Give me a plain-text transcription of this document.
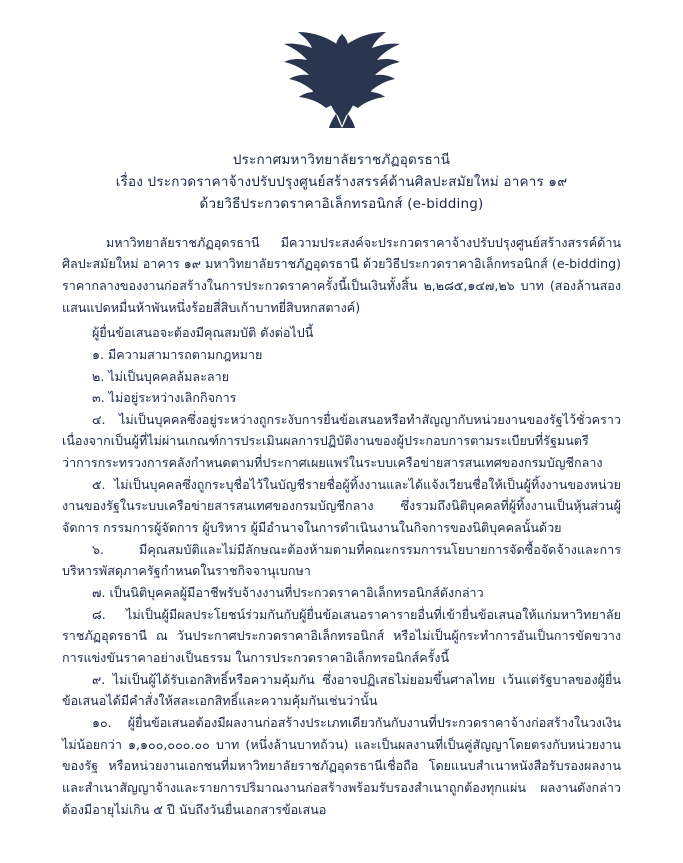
ประกาศมหาวิทยาลัยราชภัฏอุดรธานี
เรื่อง ประกวดราคาจ้างปรับปรุงศูนย์สร้างสรรค์ด้านศิลปะสมัยใหม่ อาคาร ๑๙
ด้วยวิธีประกวดราคาอิเล็กทรอนิกส์ (e-bidding)

มหาวิทยาลัยราชภัฏอุดรธานี มีความประสงค์จะประกวดราคาจ้างปรับปรุงศูนย์สร้างสรรค์ด้านศิลปะสมัยใหม่ อาคาร ๑๙ มหาวิทยาลัยราชภัฏอุดรธานี ด้วยวิธีประกวดราคาอิเล็กทรอนิกส์ (e-bidding) ราคากลางของงานก่อสร้างในการประกวดราคาครั้งนี้เป็นเงินทั้งสิ้น ๒,๒๘๕,๑๔๗,๒๖ บาท (สองล้านสองแสนแปดหมื่นห้าพันหนึ่งร้อยสี่สิบเก้าบาทยี่สิบหกสตางค์)

ผู้ยื่นข้อเสนอจะต้องมีคุณสมบัติ ดังต่อไปนี้

๑. มีความสามารถตามกฎหมาย

๒. ไม่เป็นบุคคลล้มละลาย

๓. ไม่อยู่ระหว่างเลิกกิจการ

๔. ไม่เป็นบุคคลซึ่งอยู่ระหว่างถูกระงับการยื่นข้อเสนอหรือทำสัญญากับหน่วยงานของรัฐไว้ชั่วคราวเนื่องจากเป็นผู้ที่ไม่ผ่านเกณฑ์การประเมินผลการปฏิบัติงานของผู้ประกอบการตามระเบียบที่รัฐมนตรีว่าการกระทรวงการคลังกำหนดตามที่ประกาศเผยแพร่ในระบบเครือข่ายสารสนเทศของกรมบัญชีกลาง

๕. ไม่เป็นบุคคลซึ่งถูกระบุชื่อไว้ในบัญชีรายชื่อผู้ทิ้งงานและได้แจ้งเวียนชื่อให้เป็นผู้ทิ้งงานของหน่วยงานของรัฐในระบบเครือข่ายสารสนเทศของกรมบัญชีกลาง ซึ่งรวมถึงนิติบุคคลที่ผู้ทิ้งงานเป็นหุ้นส่วนผู้จัดการ กรรมการผู้จัดการ ผู้บริหาร ผู้มีอำนาจในการดำเนินงานในกิจการของนิติบุคคลนั้นด้วย

๖. มีคุณสมบัติและไม่มีลักษณะต้องห้ามตามที่คณะกรรมการนโยบายการจัดซื้อจัดจ้างและการบริหารพัสดุภาครัฐกำหนดในราชกิจจานุเบกษา

๗. เป็นนิติบุคคลผู้มีอาชีพรับจ้างงานที่ประกวดราคาอิเล็กทรอนิกส์ดังกล่าว

๘. ไม่เป็นผู้มีผลประโยชน์ร่วมกันกับผู้ยื่นข้อเสนอราคารายอื่นที่เข้ายื่นข้อเสนอให้แก่มหาวิทยาลัยราชภัฏอุดรธานี ณ วันประกาศประกวดราคาอิเล็กทรอนิกส์ หรือไม่เป็นผู้กระทำการอันเป็นการขัดขวางการแข่งขันราคาอย่างเป็นธรรม ในการประกวดราคาอิเล็กทรอนิกส์ครั้งนี้

๙. ไม่เป็นผู้ได้รับเอกสิทธิ์หรือความคุ้มกัน ซึ่งอาจปฏิเสธไม่ยอมขึ้นศาลไทย เว้นแต่รัฐบาลของผู้ยื่นข้อเสนอได้มีคำสั่งให้สละเอกสิทธิ์และความคุ้มกันเช่นว่านั้น

๑๐. ผู้ยื่นข้อเสนอต้องมีผลงานก่อสร้างประเภทเดียวกันกับงานที่ประกวดราคาจ้างก่อสร้างในวงเงินไม่น้อยกว่า ๑,๑๐๐,๐๐๐.๐๐ บาท (หนึ่งล้านบาทถ้วน) และเป็นผลงานที่เป็นคู่สัญญาโดยตรงกับหน่วยงานของรัฐ หรือหน่วยงานเอกชนที่มหาวิทยาลัยราชภัฏอุดรธานีเชื่อถือ โดยแนบสำเนาหนังสือรับรองผลงานและสำเนาสัญญาจ้างและรายการปริมาณงานก่อสร้างพร้อมรับรองสำเนาถูกต้องทุกแผ่น ผลงานดังกล่าวต้องมีอายุไม่เกิน ๕ ปี นับถึงวันยื่นเอกสารข้อเสนอ
